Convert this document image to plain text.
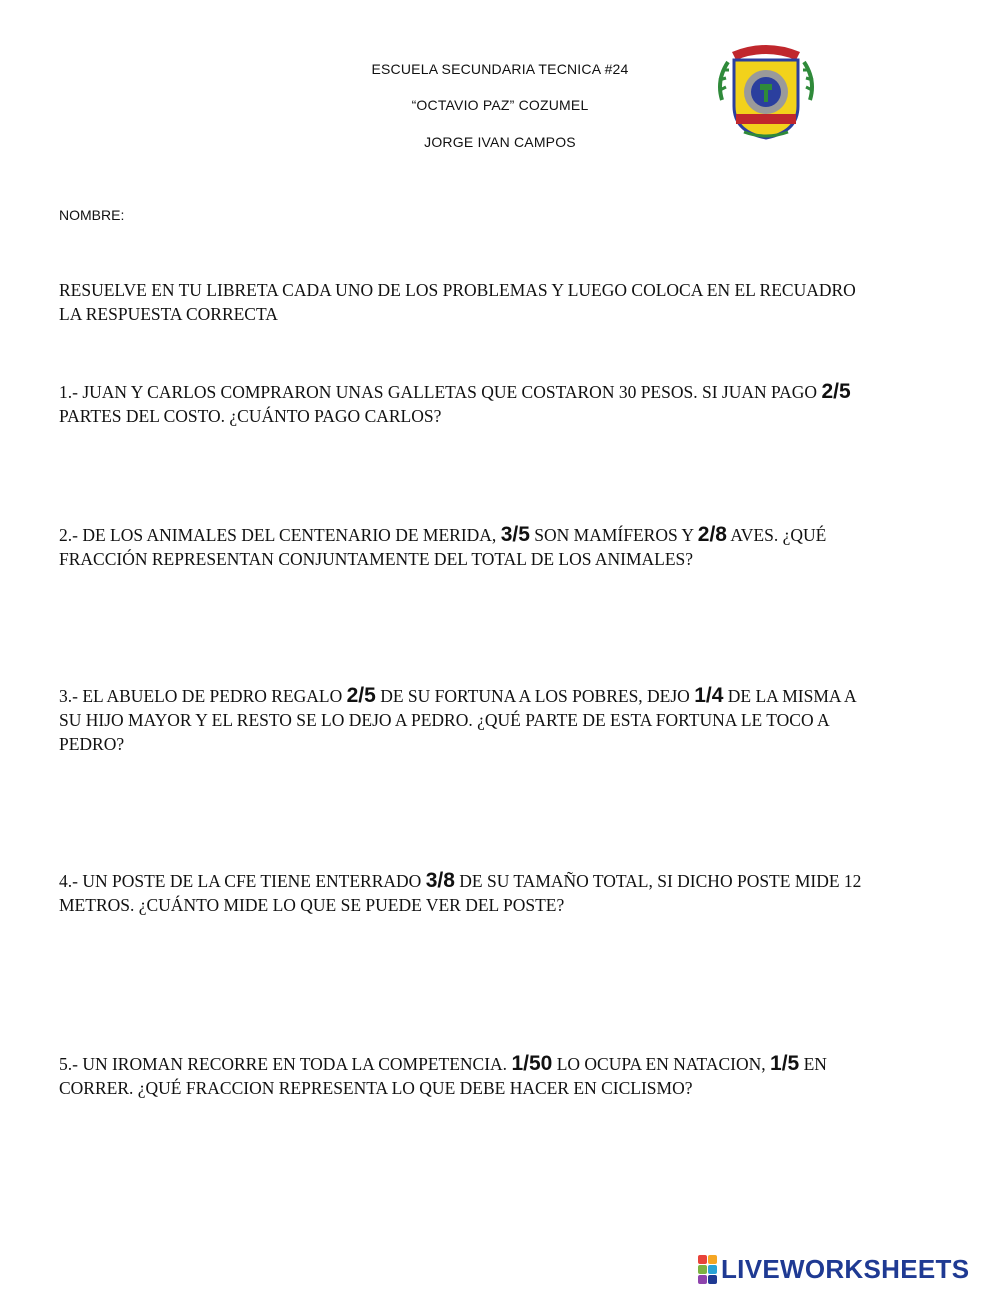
ESCUELA SECUNDARIA TECNICA #24
“OCTAVIO PAZ” COZUMEL
JORGE IVAN CAMPOS
NOMBRE:
RESUELVE EN TU LIBRETA CADA UNO DE LOS PROBLEMAS Y LUEGO COLOCA EN EL RECUADRO
LA RESPUESTA CORRECTA
1.- JUAN Y CARLOS COMPRARON UNAS GALLETAS QUE COSTARON 30 PESOS. SI JUAN PAGO 2/5
PARTES DEL COSTO. ¿CUÁNTO PAGO CARLOS?
2.- DE LOS ANIMALES DEL CENTENARIO DE MERIDA, 3/5 SON MAMÍFEROS Y 2/8 AVES. ¿QUÉ
FRACCIÓN REPRESENTAN CONJUNTAMENTE DEL TOTAL DE LOS ANIMALES?
3.- EL ABUELO DE PEDRO REGALO 2/5 DE SU FORTUNA A LOS POBRES, DEJO 1/4 DE LA MISMA A
SU HIJO MAYOR Y EL RESTO SE LO DEJO A PEDRO. ¿QUÉ PARTE DE ESTA FORTUNA LE TOCO A
PEDRO?
4.- UN POSTE DE LA CFE TIENE ENTERRADO 3/8 DE SU TAMAÑO TOTAL, SI DICHO POSTE MIDE 12
METROS. ¿CUÁNTO MIDE LO QUE SE PUEDE VER DEL POSTE?
5.- UN IROMAN RECORRE EN TODA LA COMPETENCIA. 1/50 LO OCUPA EN NATACION, 1/5 EN
CORRER. ¿QUÉ FRACCION REPRESENTA LO QUE DEBE HACER EN CICLISMO?
LIVEWORKSHEETS
